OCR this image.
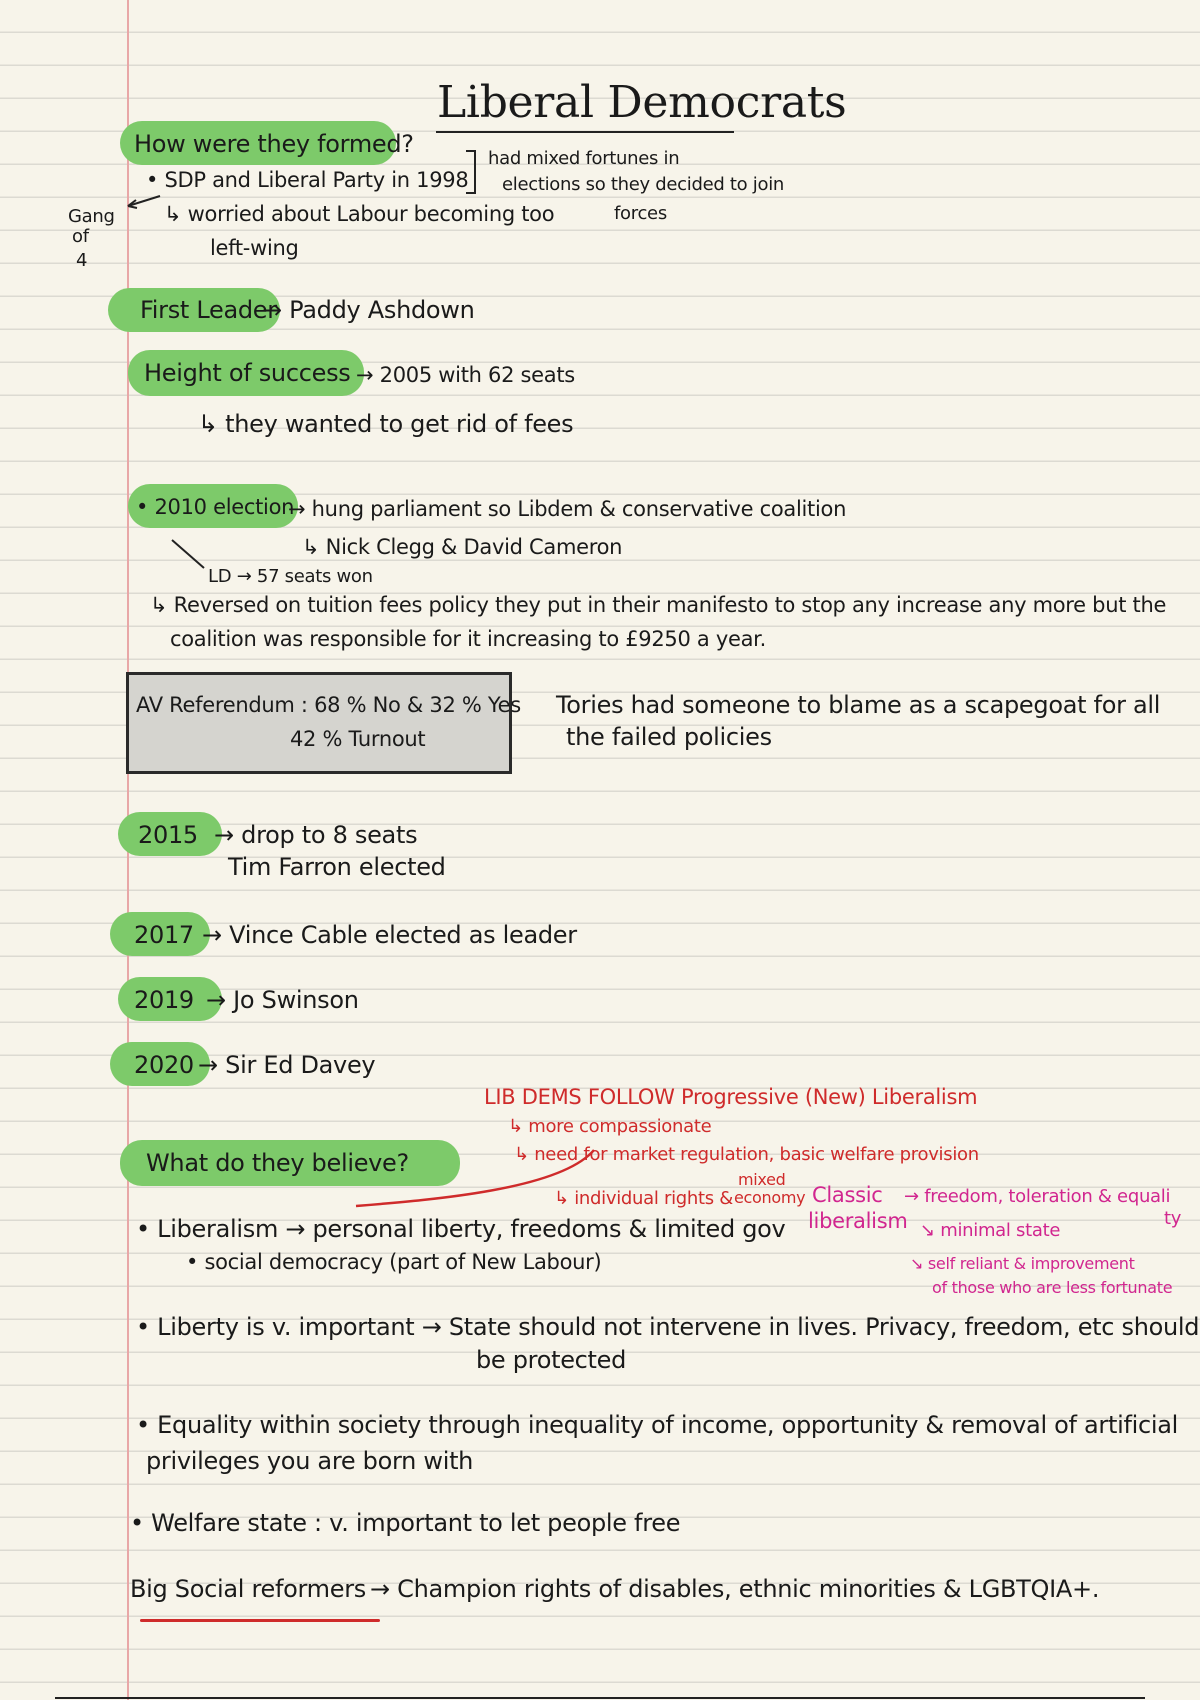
Liberal Democrats
How were they formed?
• SDP and Liberal Party in 1998
↳ worried about Labour becoming too
left-wing
had mixed fortunes in
elections so they decided to join
forces
Gang
of
4
First Leader
→ Paddy Ashdown
Height of success → 2005 with 62 seats
↳ they wanted to get rid of fees
• 2010 election
→ hung parliament so Libdem & conservative coalition
↳ Nick Clegg & David Cameron
LD → 57 seats won
↳ Reversed on tuition fees policy they put in their manifesto to stop any increase any more but the
coalition was responsible for it increasing to £9250 a year.
AV Referendum : 68 % No & 32 % Yes
42 % Turnout
Tories had someone to blame as a scapegoat for all
the failed policies
2015 → drop to 8 seats
Tim Farron elected
2017 → Vince Cable elected as leader
2019 → Jo Swinson
2020 → Sir Ed Davey
LIB DEMS FOLLOW Progressive (New) Liberalism
↳ more compassionate
↳ need for market regulation, basic welfare provision
↳ individual rights &
mixed
economy
What do they believe?
• Liberalism → personal liberty, freedoms & limited gov
• social democracy (part of New Labour)
Classic
liberalism
→ freedom, toleration & equali
ty
↘ minimal state
↘ self reliant & improvement
of those who are less fortunate
• Liberty is v. important → State should not intervene in lives. Privacy, freedom, etc should
be protected
• Equality within society through inequality of income, opportunity & removal of artificial
privileges you are born with
• Welfare state : v. important to let people free
Big Social reformers → Champion rights of disables, ethnic minorities & LGBTQIA+.
